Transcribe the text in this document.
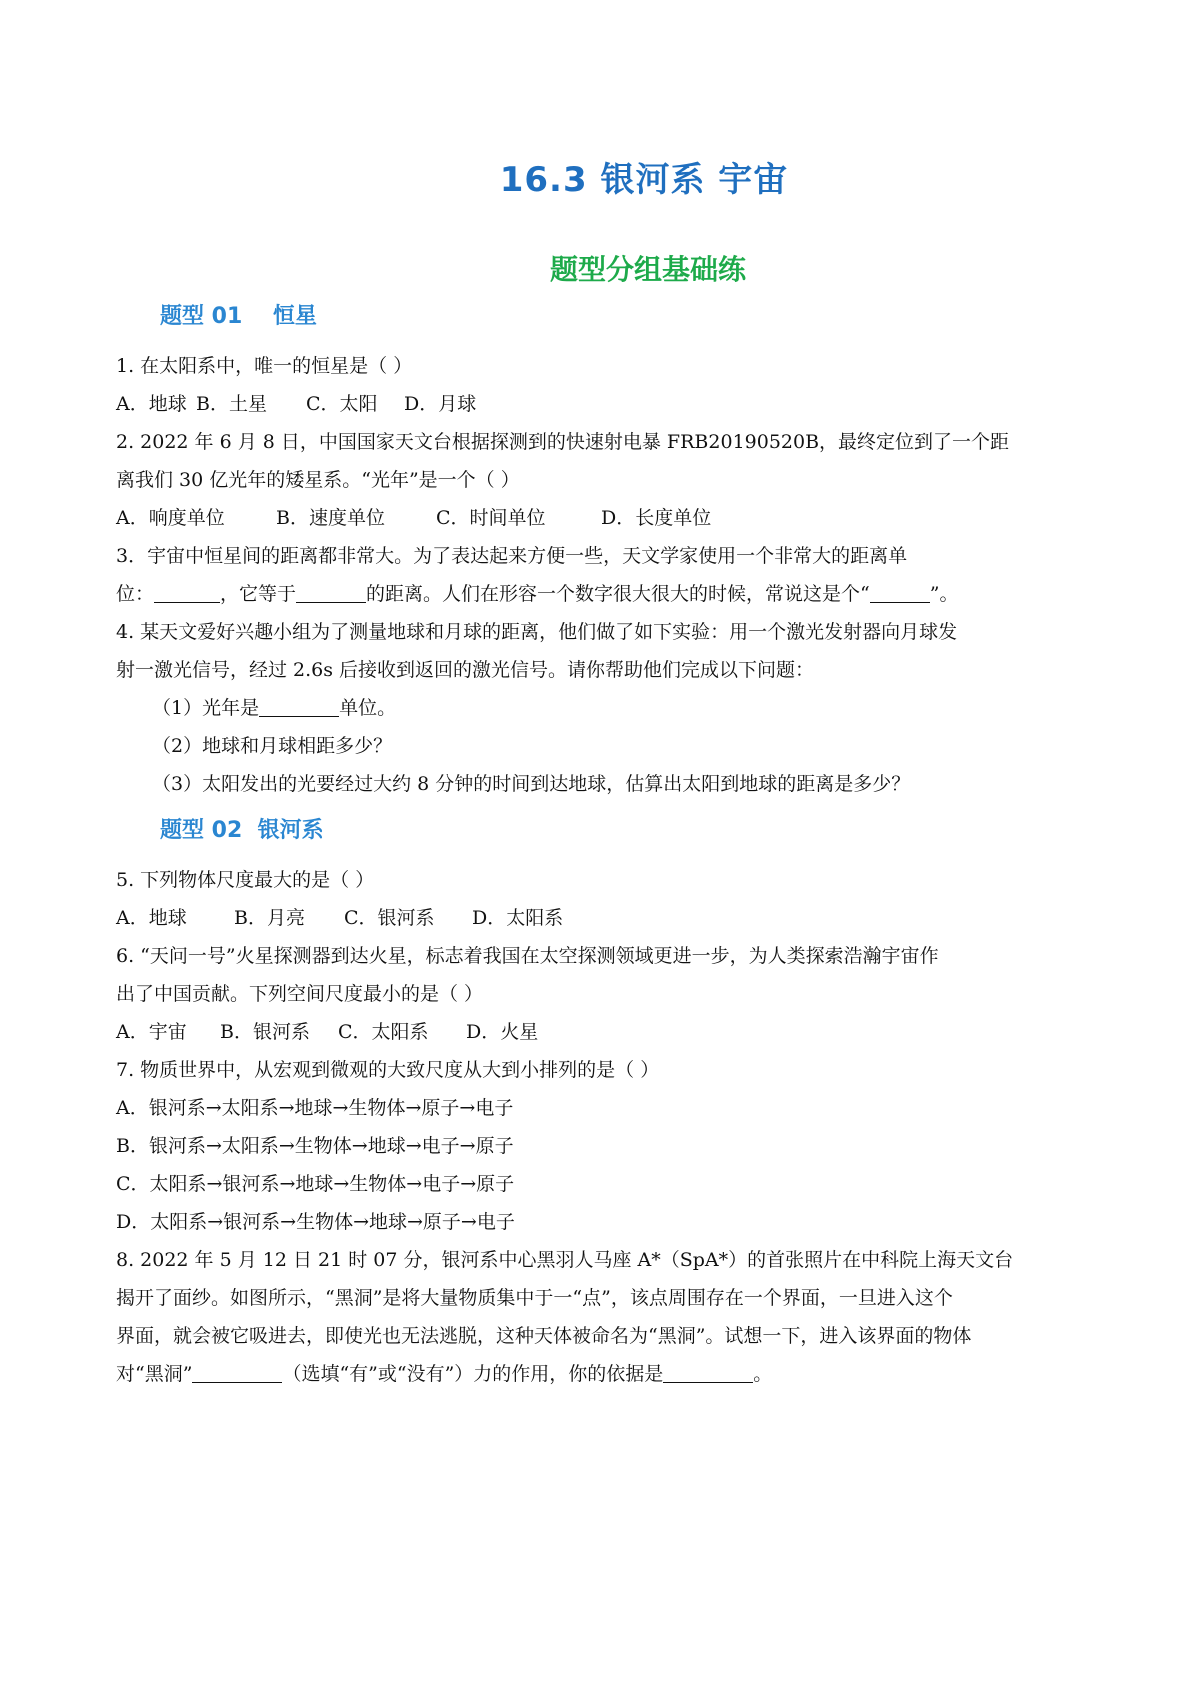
16.3 银河系 宇宙
题型分组基础练
题型 01    恒星
1. 在太阳系中，唯一的恒星是（ ）
A．地球 B．土星 C．太阳 D．月球
2. 2022 年 6 月 8 日，中国国家天文台根据探测到的快速射电暴 FRB20190520B，最终定位到了一个距
离我们 30 亿光年的矮星系。“光年”是一个（ ）
A．响度单位	B．速度单位	C．时间单位	D．长度单位
3．宇宙中恒星间的距离都非常大。为了表达起来方便一些，天文学家使用一个非常大的距离单
位：	，它等于	的距离。人们在形容一个数字很大很大的时候，常说这是个“	”。
4. 某天文爱好兴趣小组为了测量地球和月球的距离，他们做了如下实验：用一个激光发射器向月球发
射一激光信号，经过 2.6s 后接收到返回的激光信号。请你帮助他们完成以下问题：
（1）光年是	单位。
（2）地球和月球相距多少？
（3）太阳发出的光要经过大约 8 分钟的时间到达地球，估算出太阳到地球的距离是多少？
题型 02  银河系
5. 下列物体尺度最大的是（ ）
A．地球 B．月亮 C．银河系 D．太阳系
6. “天问一号”火星探测器到达火星，标志着我国在太空探测领域更进一步，为人类探索浩瀚宇宙作
出了中国贡献。下列空间尺度最小的是（ ）
A．宇宙 B．银河系 C．太阳系 D．火星
7. 物质世界中，从宏观到微观的大致尺度从大到小排列的是（ ）
A．银河系→太阳系→地球→生物体→原子→电子
B．银河系→太阳系→生物体→地球→电子→原子
C．太阳系→银河系→地球→生物体→电子→原子
D．太阳系→银河系→生物体→地球→原子→电子
8. 2022 年 5 月 12 日 21 时 07 分，银河系中心黑羽人马座 A*（SpA*）的首张照片在中科院上海天文台
揭开了面纱。如图所示，“黑洞”是将大量物质集中于一“点”，该点周围存在一个界面，一旦进入这个
界面，就会被它吸进去，即使光也无法逃脱，这种天体被命名为“黑洞”。试想一下，进入该界面的物体
对“黑洞”	（选填“有”或“没有”）力的作用，你的依据是	。
